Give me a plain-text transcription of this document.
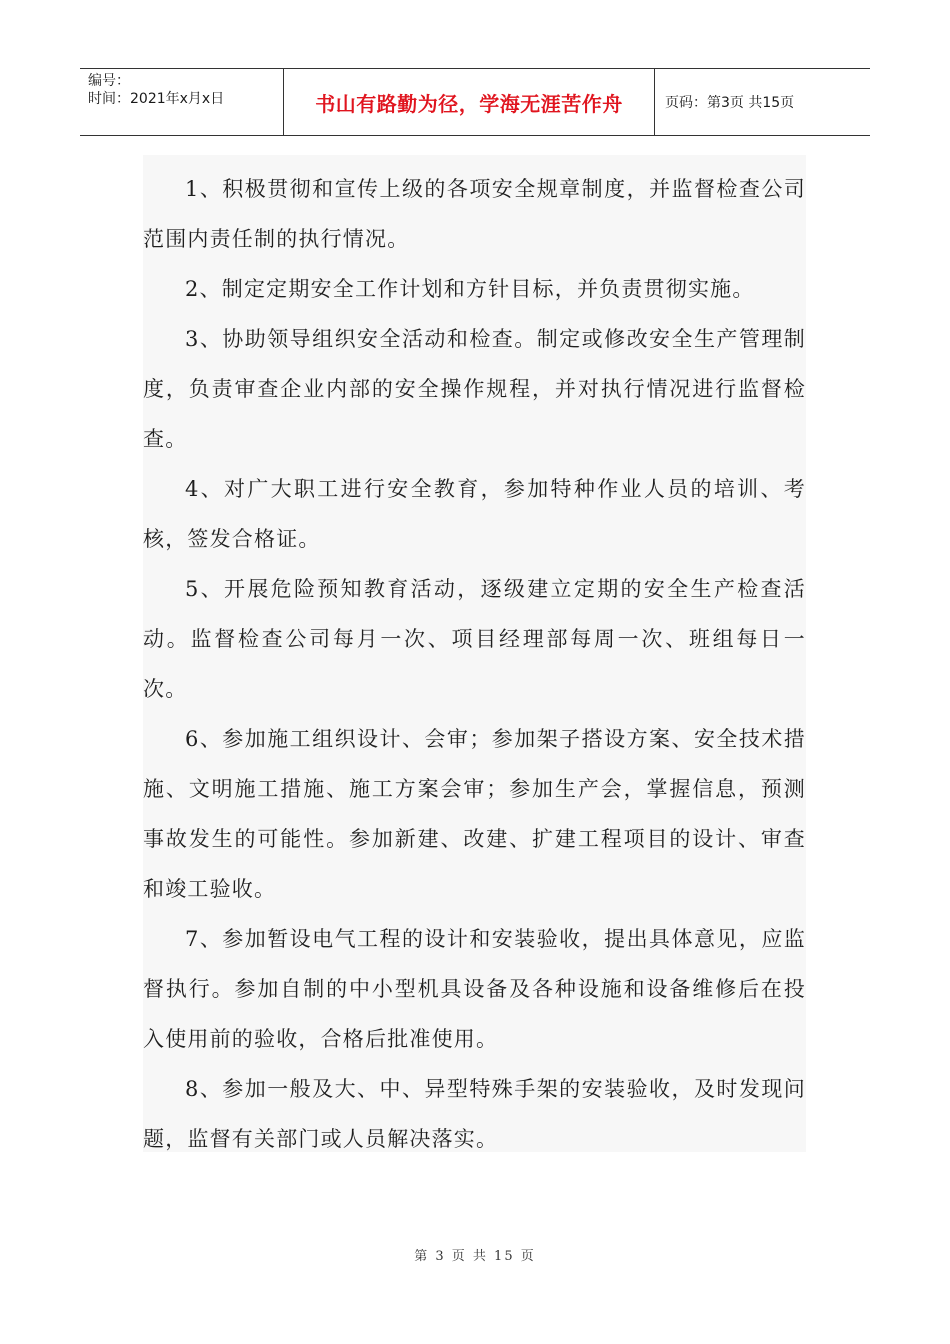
编号：
时间：2021年x月x日	书山有路勤为径，学海无涯苦作舟	页码：第3页 共15页

1、积极贯彻和宣传上级的各项安全规章制度，并监督检查公司范围内责任制的执行情况。

2、制定定期安全工作计划和方针目标，并负责贯彻实施。

3、协助领导组织安全活动和检查。制定或修改安全生产管理制度，负责审查企业内部的安全操作规程，并对执行情况进行监督检查。

4、对广大职工进行安全教育，参加特种作业人员的培训、考核，签发合格证。

5、开展危险预知教育活动，逐级建立定期的安全生产检查活动。监督检查公司每月一次、项目经理部每周一次、班组每日一次。

6、参加施工组织设计、会审；参加架子搭设方案、安全技术措施、文明施工措施、施工方案会审；参加生产会，掌握信息，预测事故发生的可能性。参加新建、改建、扩建工程项目的设计、审查和竣工验收。

7、参加暂设电气工程的设计和安装验收，提出具体意见，应监督执行。参加自制的中小型机具设备及各种设施和设备维修后在投入使用前的验收，合格后批准使用。

8、参加一般及大、中、异型特殊手架的安装验收，及时发现问题，监督有关部门或人员解决落实。

第 3 页 共 15 页
